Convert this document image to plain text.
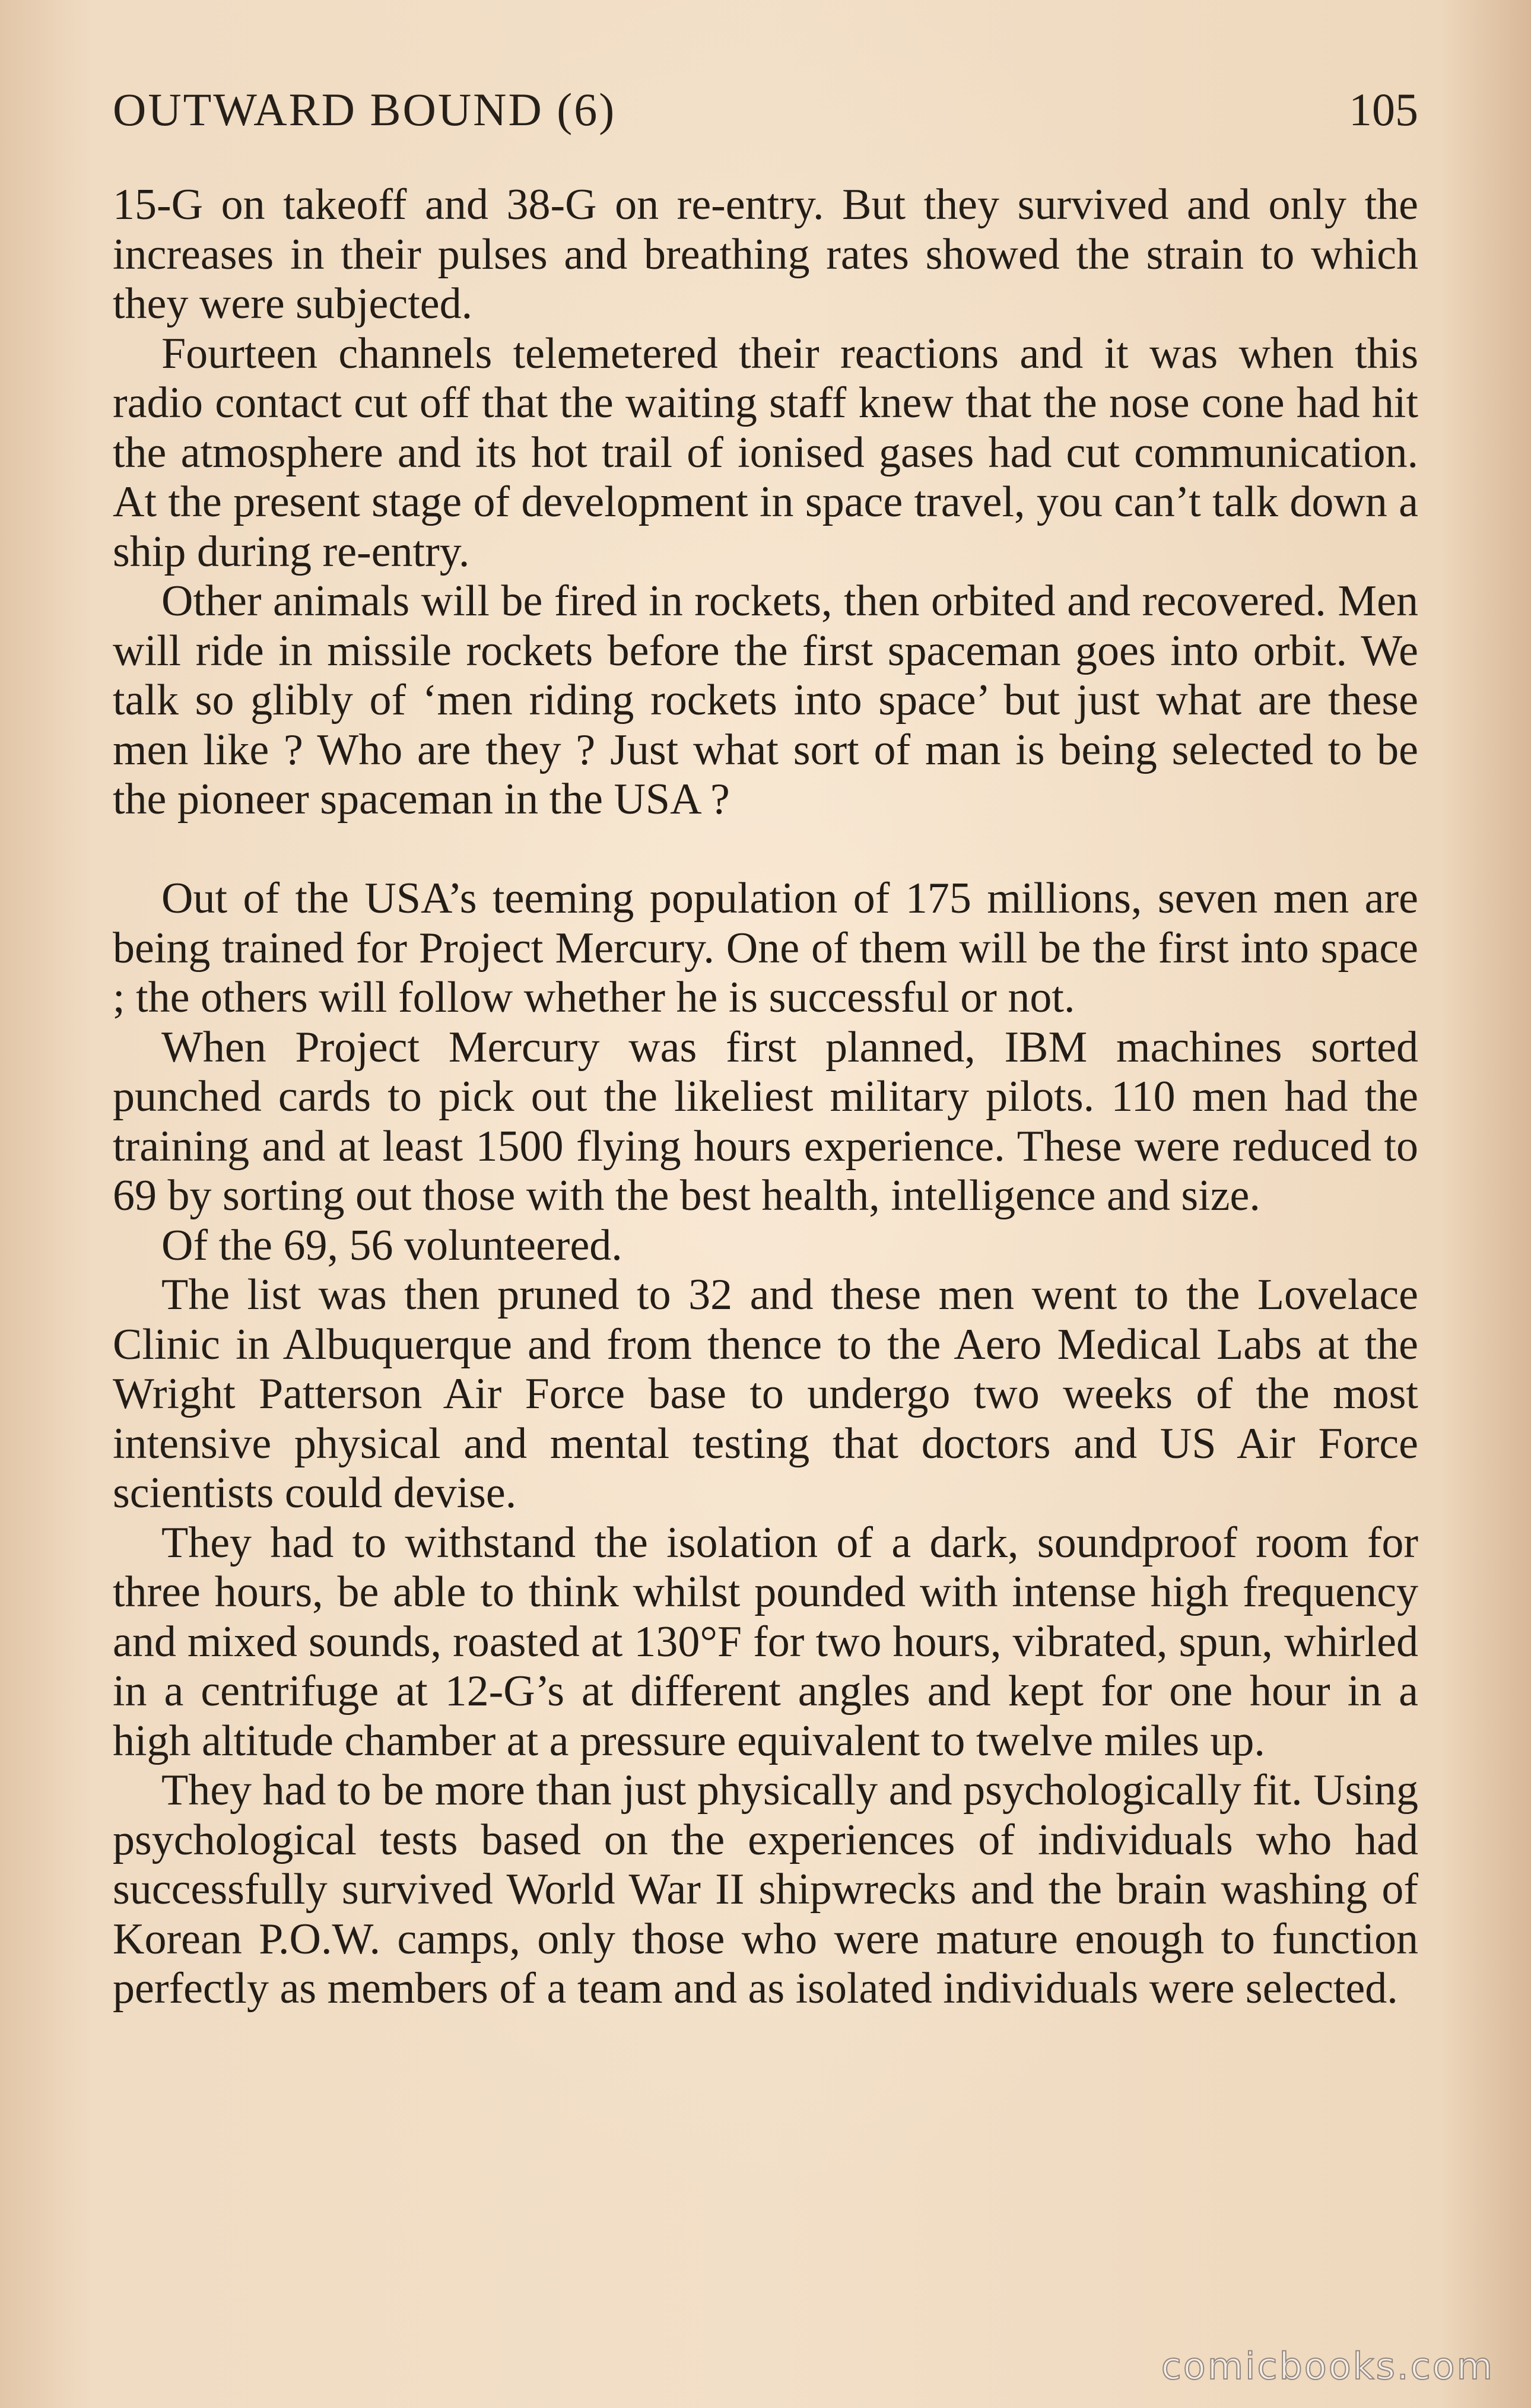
OUTWARD BOUND (6)	105

15-G on takeoff and 38-G on re-entry. But they survived and only the increases in their pulses and breathing rates showed the strain to which they were subjected.

Fourteen channels telemetered their reactions and it was when this radio contact cut off that the waiting staff knew that the nose cone had hit the atmosphere and its hot trail of ionised gases had cut communication. At the present stage of development in space travel, you can’t talk down a ship during re-entry.

Other animals will be fired in rockets, then orbited and recovered. Men will ride in missile rockets before the first spaceman goes into orbit. We talk so glibly of ‘men riding rockets into space’ but just what are these men like ? Who are they ? Just what sort of man is being selected to be the pioneer spaceman in the USA ?

Out of the USA’s teeming population of 175 millions, seven men are being trained for Project Mercury. One of them will be the first into space ; the others will follow whether he is successful or not.

When Project Mercury was first planned, IBM machines sorted punched cards to pick out the likeliest military pilots. 110 men had the training and at least 1500 flying hours experience. These were reduced to 69 by sorting out those with the best health, intelligence and size.

Of the 69, 56 volunteered.

The list was then pruned to 32 and these men went to the Lovelace Clinic in Albuquerque and from thence to the Aero Medical Labs at the Wright Patterson Air Force base to undergo two weeks of the most intensive physical and mental testing that doctors and US Air Force scientists could devise.

They had to withstand the isolation of a dark, soundproof room for three hours, be able to think whilst pounded with intense high frequency and mixed sounds, roasted at 130°F for two hours, vibrated, spun, whirled in a centrifuge at 12-G’s at different angles and kept for one hour in a high altitude chamber at a pressure equivalent to twelve miles up.

They had to be more than just physically and psychologically fit. Using psychological tests based on the experiences of individuals who had successfully survived World War II shipwrecks and the brain washing of Korean P.O.W. camps, only those who were mature enough to function perfectly as members of a team and as isolated individuals were selected.

comicbooks.com
